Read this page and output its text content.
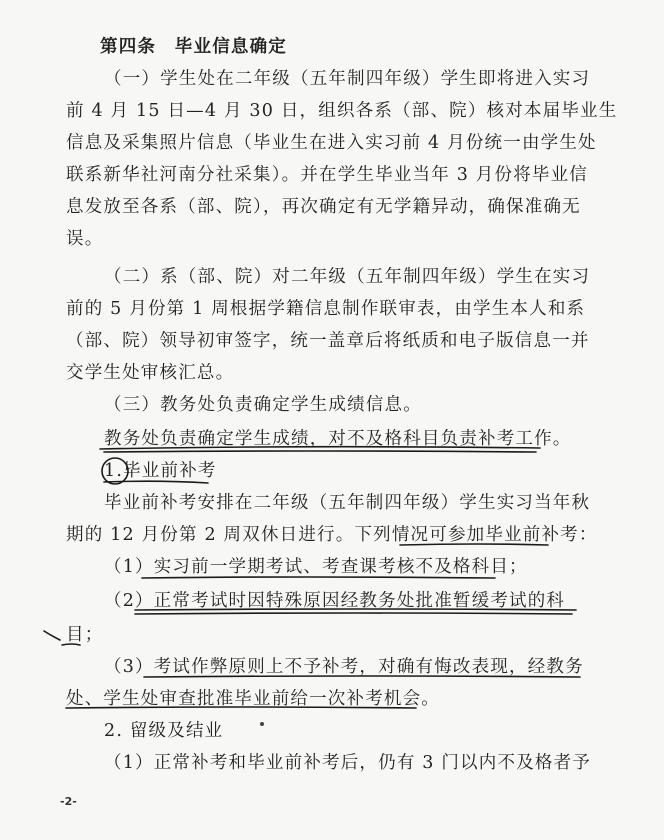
第四条　毕业信息确定
（一）学生处在二年级（五年制四年级）学生即将进入实习
前 4 月 15 日—4 月 30 日，组织各系（部、院）核对本届毕业生
信息及采集照片信息（毕业生在进入实习前 4 月份统一由学生处
联系新华社河南分社采集）。并在学生毕业当年 3 月份将毕业信
息发放至各系（部、院），再次确定有无学籍异动，确保准确无
误。
（二）系（部、院）对二年级（五年制四年级）学生在实习
前的 5 月份第 1 周根据学籍信息制作联审表，由学生本人和系
（部、院）领导初审签字，统一盖章后将纸质和电子版信息一并
交学生处审核汇总。
（三）教务处负责确定学生成绩信息。
教务处负责确定学生成绩，对不及格科目负责补考工作。
1.毕业前补考
毕业前补考安排在二年级（五年制四年级）学生实习当年秋
期的 12 月份第 2 周双休日进行。下列情况可参加毕业前补考：
（1）实习前一学期考试、考查课考核不及格科目；
（2）正常考试时因特殊原因经教务处批准暂缓考试的科
目；
（3）考试作弊原则上不予补考，对确有悔改表现，经教务
处、学生处审查批准毕业前给一次补考机会。
2. 留级及结业
（1）正常补考和毕业前补考后，仍有 3 门以内不及格者予
-2-
